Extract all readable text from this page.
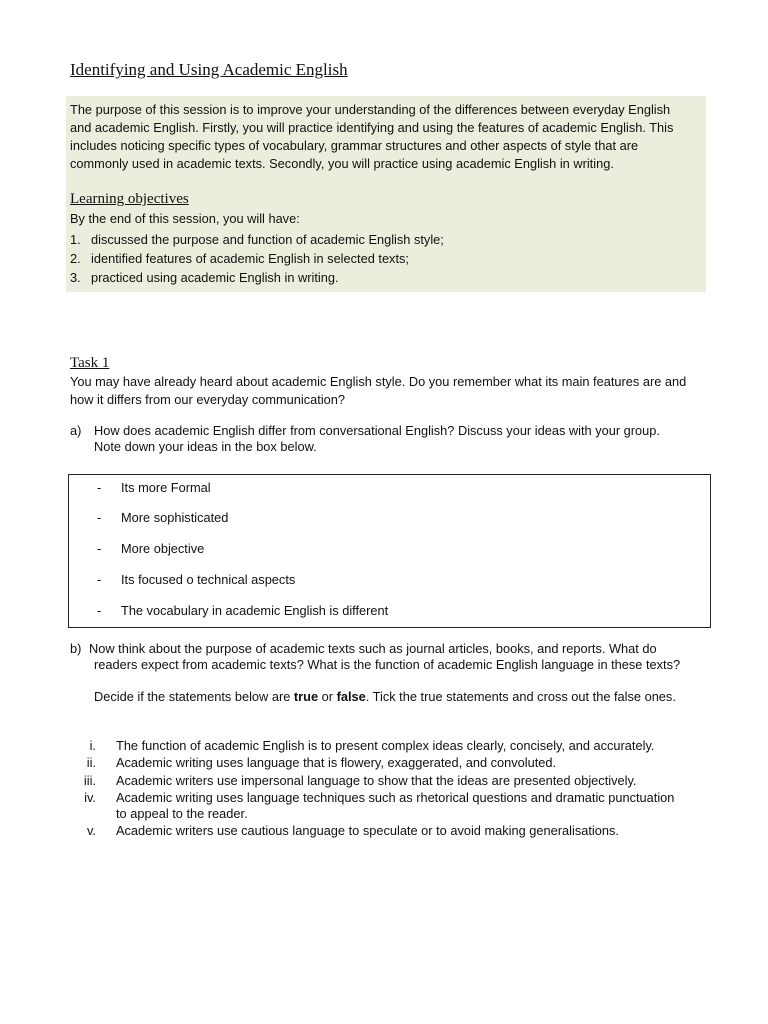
Identifying and Using Academic English
The purpose of this session is to improve your understanding of the differences between everyday English
and academic English. Firstly, you will practice identifying and using the features of academic English. This
includes noticing specific types of vocabulary, grammar structures and other aspects of style that are
commonly used in academic texts. Secondly, you will practice using academic English in writing.
Learning objectives
By the end of this session, you will have:
1. discussed the purpose and function of academic English style;
2. identified features of academic English in selected texts;
3. practiced using academic English in writing.
Task 1
You may have already heard about academic English style. Do you remember what its main features are and
how it differs from our everyday communication?
a) How does academic English differ from conversational English? Discuss your ideas with your group.
Note down your ideas in the box below.
- Its more Formal
- More sophisticated
- More objective
- Its focused o technical aspects
- The vocabulary in academic English is different
b) Now think about the purpose of academic texts such as journal articles, books, and reports. What do
readers expect from academic texts? What is the function of academic English language in these texts?
Decide if the statements below are true or false. Tick the true statements and cross out the false ones.
i. The function of academic English is to present complex ideas clearly, concisely, and accurately.
ii. Academic writing uses language that is flowery, exaggerated, and convoluted.
iii. Academic writers use impersonal language to show that the ideas are presented objectively.
iv. Academic writing uses language techniques such as rhetorical questions and dramatic punctuation
to appeal to the reader.
v. Academic writers use cautious language to speculate or to avoid making generalisations.
